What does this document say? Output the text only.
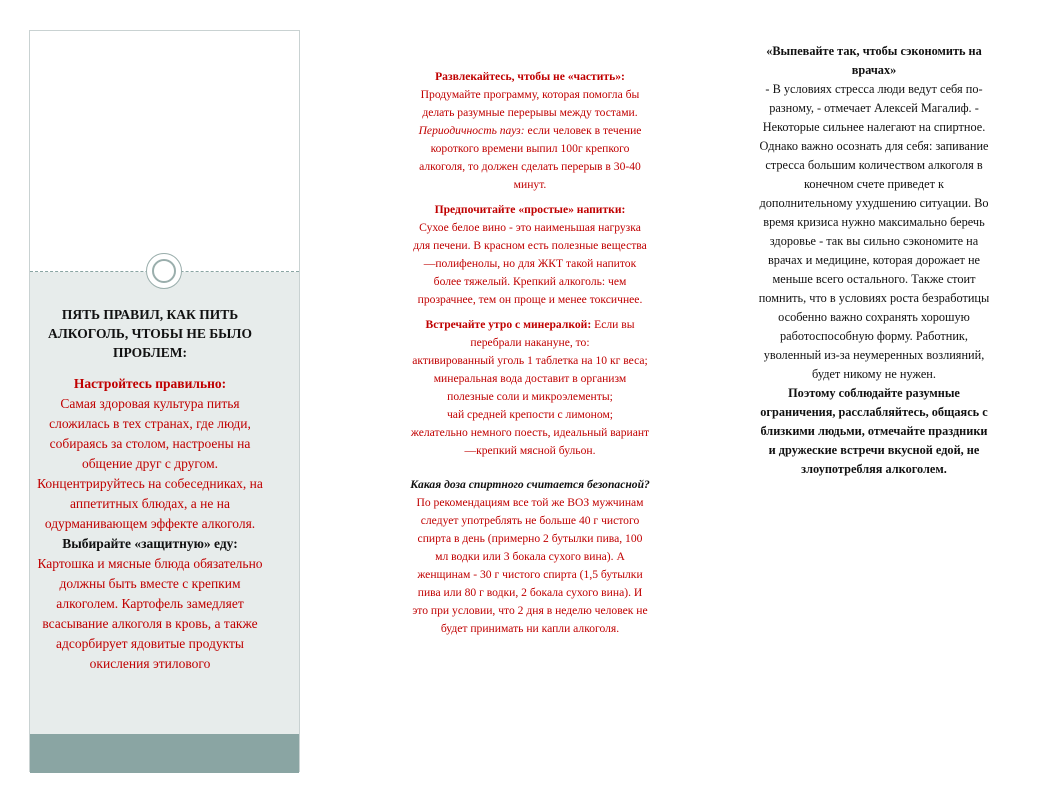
ПЯТЬ ПРАВИЛ, КАК ПИТЬ АЛКОГОЛЬ, ЧТОБЫ НЕ БЫЛО ПРОБЛЕМ:
Настройтесь правильно:
Самая здоровая культура питья сложилась в тех странах, где люди, собираясь за столом, настроены на общение друг с другом. Концентрируйтесь на собеседниках, на аппетитных блюдах, а не на одурманивающем эффекте алкоголя.
Выбирайте «защитную» еду:
Картошка и мясные блюда обязательно должны быть вместе с крепким алкоголем. Картофель замедляет всасывание алкоголя в кровь, а также адсорбирует ядовитые продукты окисления этилового

Развлекайтесь, чтобы не «частить»:
Продумайте программу, которая помогла бы делать разумные перерывы между тостами. Периодичность пауз: если человек в течение короткого времени выпил 100г крепкого алкоголя, то должен сделать перерыв в 30-40 минут.

Предпочитайте «простые» напитки:
Сухое белое вино - это наименьшая нагрузка для печени. В красном есть полезные вещества—полифенолы, но для ЖКТ такой напиток более тяжелый. Крепкий алкоголь: чем прозрачнее, тем он проще и менее токсичнее.

Встречайте утро с минералкой: Если вы перебрали накануне, то:
активированный уголь 1 таблетка на 10 кг веса;
минеральная вода доставит в организм полезные соли и микроэлементы;
чай средней крепости с лимоном;
желательно немного поесть, идеальный вариант—крепкий мясной бульон.

Какая доза спиртного считается безопасной?
По рекомендациям все той же ВОЗ мужчинам следует употреблять не больше 40 г чистого спирта в день (примерно 2 бутылки пива, 100 мл водки или 3 бокала сухого вина). А женщинам - 30 г чистого спирта (1,5 бутылки пива или 80 г водки, 2 бокала сухого вина). И это при условии, что 2 дня в неделю человек не будет принимать ни капли алкоголя.

«Выпевайте так, чтобы сэкономить на врачах»

- В условиях стресса люди ведут себя по-разному, - отмечает Алексей Магалиф. - Некоторые сильнее налегают на спиртное. Однако важно осознать для себя: запивание стресса большим количеством алкоголя в конечном счете приведет к дополнительному ухудшению ситуации. Во время кризиса нужно максимально беречь здоровье - так вы сильно сэкономите на врачах и медицине, которая дорожает не меньше всего остального. Также стоит помнить, что в условиях роста безработицы особенно важно сохранять хорошую работоспособную форму. Работник, уволенный из-за неумеренных возлияний, будет никому не нужен.

Поэтому соблюдайте разумные ограничения, расслабляйтесь, общаясь с близкими людьми, отмечайте праздники и дружеские встречи вкусной едой, не злоупотребляя алкоголем.
